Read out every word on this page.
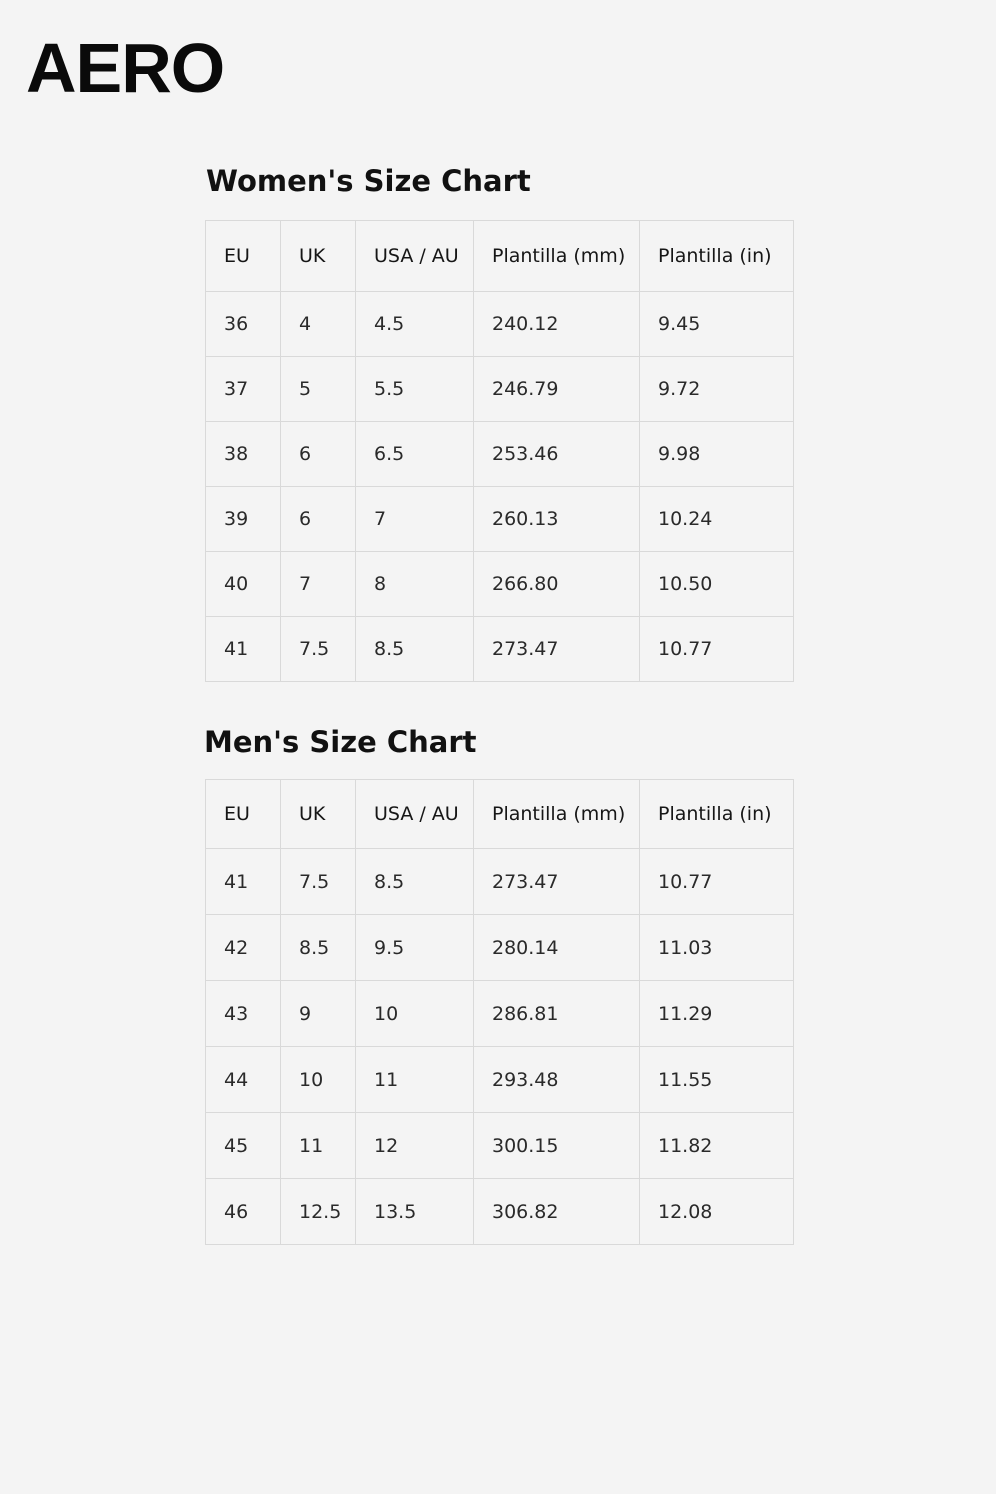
AERO
Women's Size Chart
EU	UK	USA / AU	Plantilla (mm)	Plantilla (in)
36	4	4.5	240.12	9.45
37	5	5.5	246.79	9.72
38	6	6.5	253.46	9.98
39	6	7	260.13	10.24
40	7	8	266.80	10.50
41	7.5	8.5	273.47	10.77
Men's Size Chart
EU	UK	USA / AU	Plantilla (mm)	Plantilla (in)
41	7.5	8.5	273.47	10.77
42	8.5	9.5	280.14	11.03
43	9	10	286.81	11.29
44	10	11	293.48	11.55
45	11	12	300.15	11.82
46	12.5	13.5	306.82	12.08
